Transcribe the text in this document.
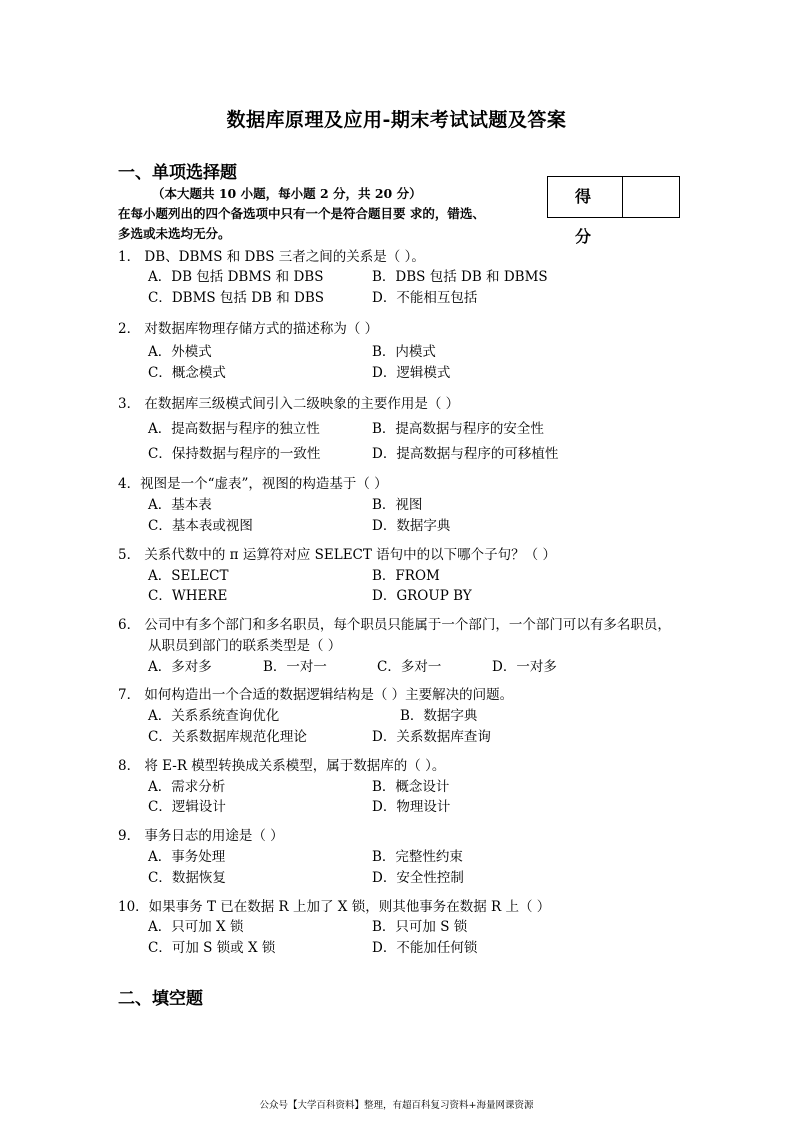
数据库原理及应用-期末考试试题及答案
一、单项选择题
（本大题共 10 小题，每小题 2 分，共 20 分）
在每小题列出的四个备选项中只有一个是符合题目要 求的，错选、
多选或未选均无分。
得 分
1． DB、DBMS 和 DBS 三者之间的关系是（ ）。
A．DB 包括 DBMS 和 DBS	B．DBS 包括 DB 和 DBMS
C．DBMS 包括 DB 和 DBS	D．不能相互包括
2． 对数据库物理存储方式的描述称为（ ）
A．外模式	B．内模式
C．概念模式	D．逻辑模式
3． 在数据库三级模式间引入二级映象的主要作用是（ ）
A．提高数据与程序的独立性	B．提高数据与程序的安全性
C．保持数据与程序的一致性	D．提高数据与程序的可移植性
4．视图是一个“虚表”，视图的构造基于（ ）
A．基本表	B．视图
C．基本表或视图	D．数据字典
5． 关系代数中的 π 运算符对应 SELECT 语句中的以下哪个子句？（ ）
A．SELECT	B．FROM
C．WHERE	D．GROUP BY
6． 公司中有多个部门和多名职员，每个职员只能属于一个部门，一个部门可以有多名职员，
从职员到部门的联系类型是（ ）
A．多对多	B．一对一	C．多对一	D．一对多
7． 如何构造出一个合适的数据逻辑结构是（ ）主要解决的问题。
A．关系系统查询优化	B．数据字典
C．关系数据库规范化理论	D．关系数据库查询
8． 将 E-R 模型转换成关系模型，属于数据库的（ ）。
A．需求分析	B．概念设计
C．逻辑设计	D．物理设计
9． 事务日志的用途是（ ）
A．事务处理	B．完整性约束
C．数据恢复	D．安全性控制
10．如果事务 T 已在数据 R 上加了 X 锁，则其他事务在数据 R 上（ ）
A．只可加 X 锁	B．只可加 S 锁
C．可加 S 锁或 X 锁	D．不能加任何锁
二、填空题
公众号【大学百科资料】整理，有超百科复习资料+海量网课资源
